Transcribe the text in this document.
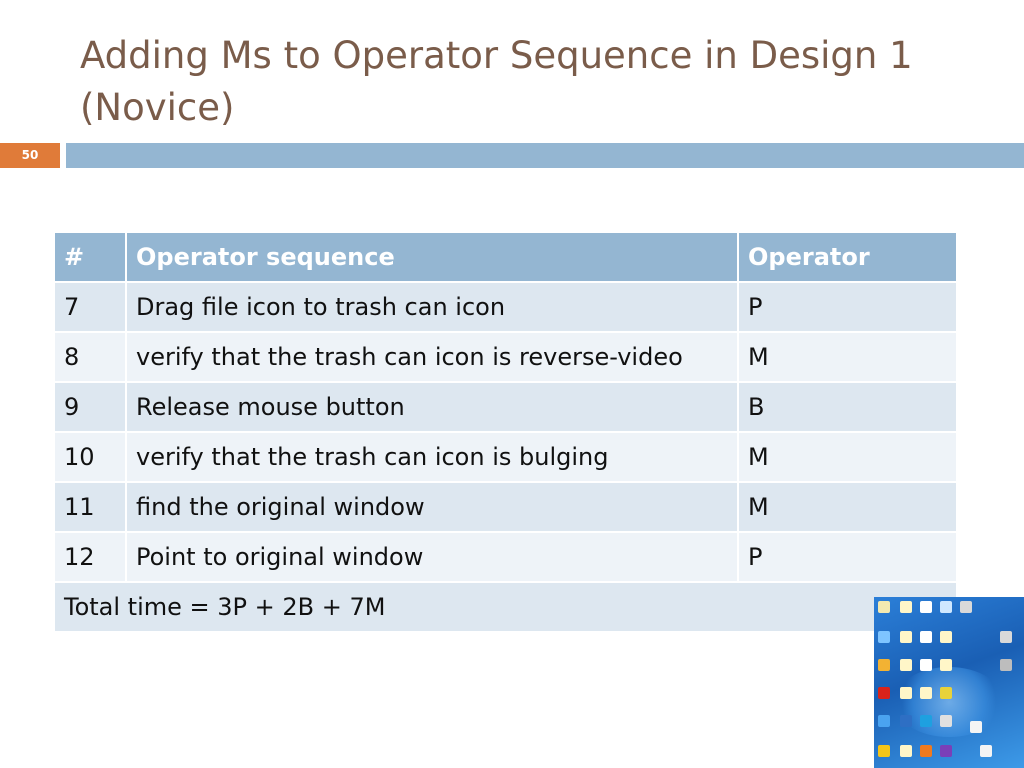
Adding Ms to Operator Sequence in Design 1 (Novice)
50
#	Operator sequence	Operator
7	Drag file icon to trash can icon	P
8	verify that the trash can icon is reverse-video	M
9	Release mouse button	B
10	verify that the trash can icon is bulging	M
11	find the original window	M
12	Point to original window	P
Total time = 3P + 2B + 7M		
